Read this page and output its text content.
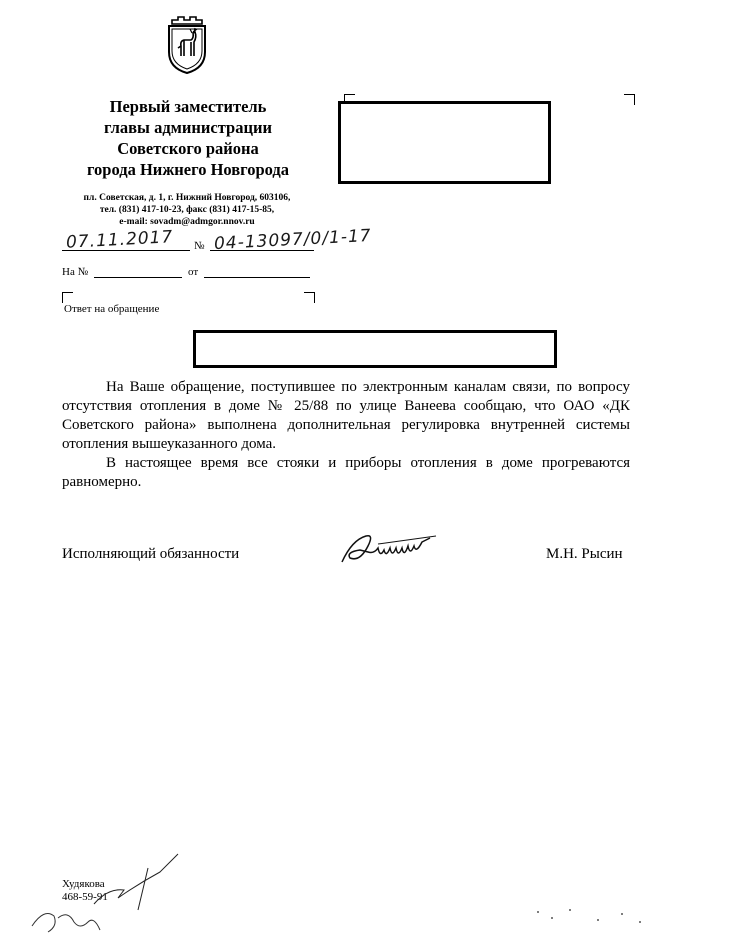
Первый заместитель
главы администрации
Советского района
города Нижнего Новгорода
пл. Советская, д. 1, г. Нижний Новгород, 603106,
тел. (831) 417-10-23, факс (831) 417-15-85,
e-mail: sovadm@admgor.nnov.ru
07.11.2017 № 04-13097/0/1-17
На №	от
Ответ на обращение

На Ваше обращение, поступившее по электронным каналам связи, по вопросу отсутствия отопления в доме № 25/88 по улице Ванеева сообщаю, что ОАО «ДК Советского района» выполнена дополнительная регулировка внутренней системы отопления вышеуказанного дома.

В настоящее время все стояки и приборы отопления в доме прогреваются равномерно.

Исполняющий обязанности	М.Н. Рысин
Худякова
468-59-91
